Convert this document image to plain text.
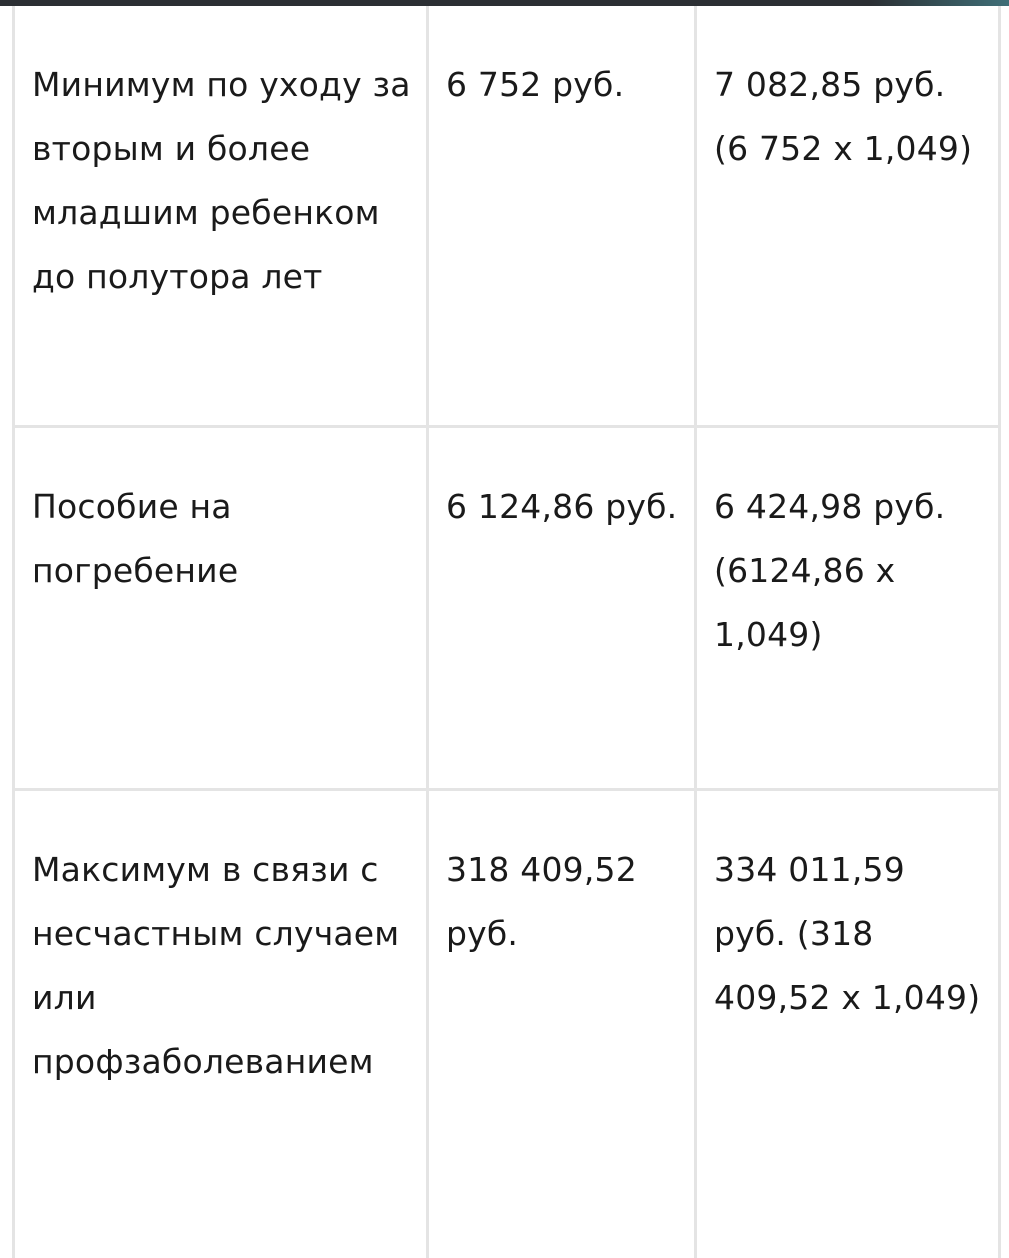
Минимум по уходу за вторым и более младшим ребенком до полутора лет	6 752 руб.	7 082,85 руб. (6 752 х 1,049)

Пособие на погребение	6 124,86 руб.	6 424,98 руб. (6124,86 х 1,049)

Максимум в связи с несчастным случаем или профзаболеванием	318 409,52 руб.	334 011,59 руб. (318 409,52 х 1,049)
